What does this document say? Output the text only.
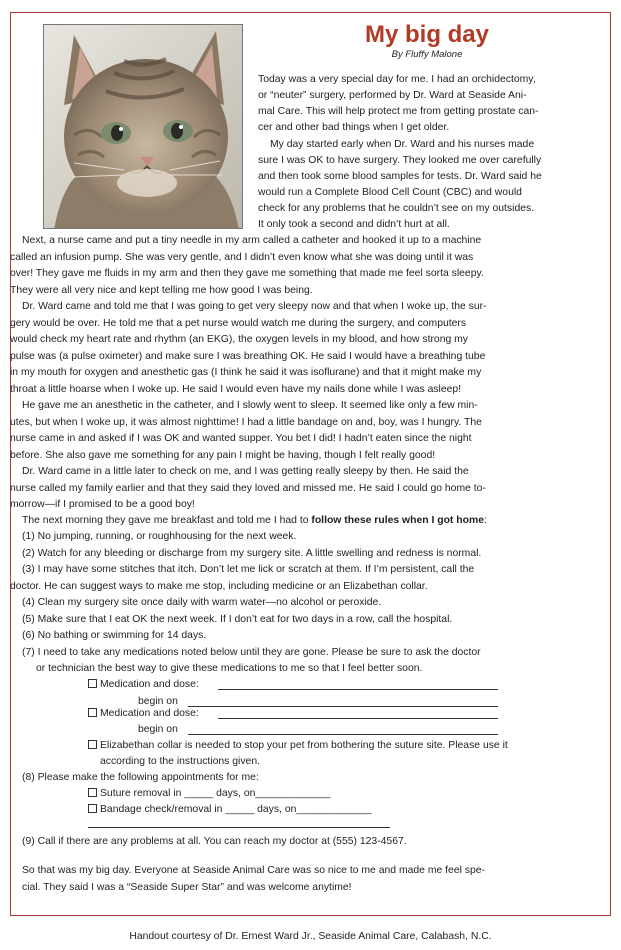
My big day
By Fluffy Malone
Today was a very special day for me. I had an orchidectomy,
or “neuter” surgery, performed by Dr. Ward at Seaside Ani-
mal Care. This will help protect me from getting prostate can-
cer and other bad things when I get older.
My day started early when Dr. Ward and his nurses made
sure I was OK to have surgery. They looked me over carefully
and then took some blood samples for tests. Dr. Ward said he
would run a Complete Blood Cell Count (CBC) and would
check for any problems that he couldn’t see on my outsides.
It only took a second and didn’t hurt at all.
Next, a nurse came and put a tiny needle in my arm called a catheter and hooked it up to a machine
called an infusion pump. She was very gentle, and I didn’t even know what she was doing until it was
over! They gave me fluids in my arm and then they gave me something that made me feel sorta sleepy.
They were all very nice and kept telling me how good I was being.
Dr. Ward came and told me that I was going to get very sleepy now and that when I woke up, the sur-
gery would be over. He told me that a pet nurse would watch me during the surgery, and computers
would check my heart rate and rhythm (an EKG), the oxygen levels in my blood, and how strong my
pulse was (a pulse oximeter) and make sure I was breathing OK. He said I would have a breathing tube
in my mouth for oxygen and anesthetic gas (I think he said it was isoflurane) and that it might make my
throat a little hoarse when I woke up. He said I would even have my nails done while I was asleep!
He gave me an anesthetic in the catheter, and I slowly went to sleep. It seemed like only a few min-
utes, but when I woke up, it was almost nighttime! I had a little bandage on and, boy, was I hungry. The
nurse came in and asked if I was OK and wanted supper. You bet I did! I hadn’t eaten since the night
before. She also gave me something for any pain I might be having, though I felt really good!
Dr. Ward came in a little later to check on me, and I was getting really sleepy by then. He said the
nurse called my family earlier and that they said they loved and missed me. He said I could go home to-
morrow—if I promised to be a good boy!
The next morning they gave me breakfast and told me I had to follow these rules when I got home:
(1) No jumping, running, or roughhousing for the next week.
(2) Watch for any bleeding or discharge from my surgery site. A little swelling and redness is normal.
(3) I may have some stitches that itch. Don’t let me lick or scratch at them. If I’m persistent, call the
doctor. He can suggest ways to make me stop, including medicine or an Elizabethan collar.
(4) Clean my surgery site once daily with warm water—no alcohol or peroxide.
(5) Make sure that I eat OK the next week. If I don’t eat for two days in a row, call the hospital.
(6) No bathing or swimming for 14 days.
(7) I need to take any medications noted below until they are gone. Please be sure to ask the doctor
or technician the best way to give these medications to me so that I feel better soon.
Medication and dose:
begin on
Medication and dose:
begin on
Elizabethan collar is needed to stop your pet from bothering the suture site. Please use it
according to the instructions given.
(8) Please make the following appointments for me:
Suture removal in _____ days, on_____________
Bandage check/removal in _____ days, on_____________
(9) Call if there are any problems at all. You can reach my doctor at (555) 123-4567.
So that was my big day. Everyone at Seaside Animal Care was so nice to me and made me feel spe-
cial. They said I was a “Seaside Super Star” and was welcome anytime!
Handout courtesy of Dr. Ernest Ward Jr., Seaside Animal Care, Calabash, N.C.
